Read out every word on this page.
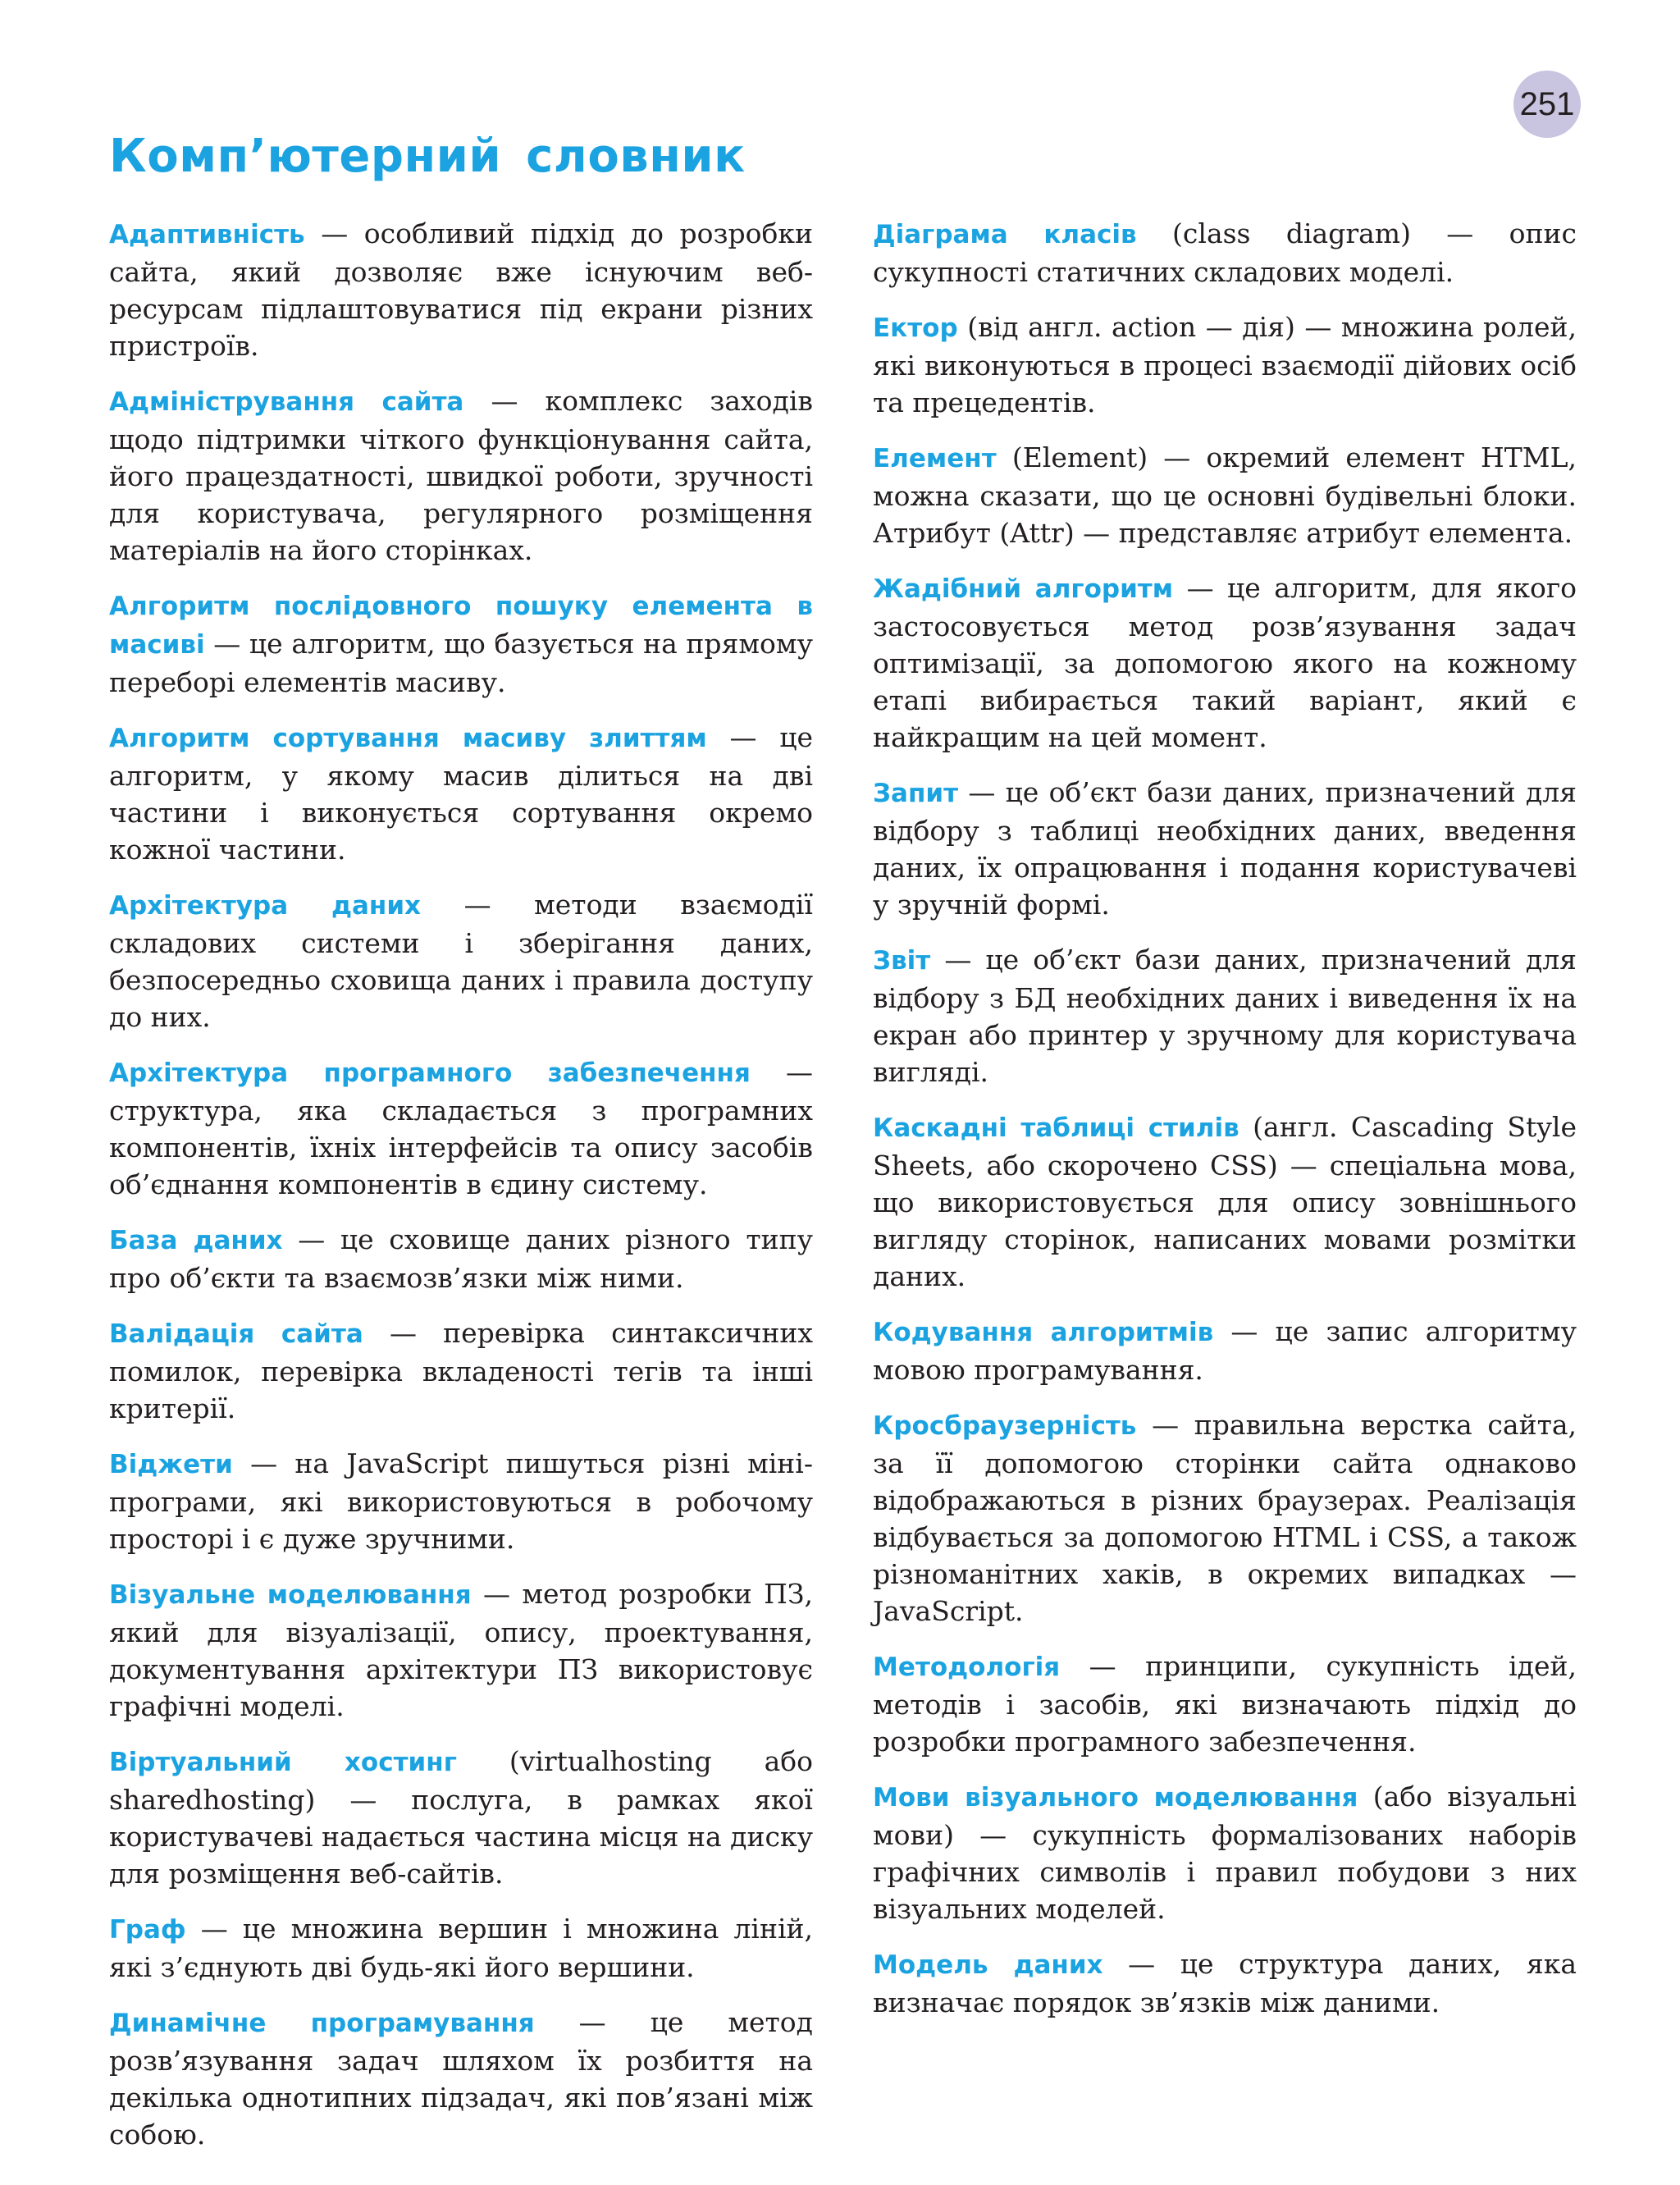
251
Комп’ютерний словник

Адаптивність — особливий підхід до розробки сайта, який дозволяє вже існуючим веб-ресурсам підлаштовуватися під екрани різних пристроїв.

Адміністрування сайта — комплекс заходів щодо підтримки чіткого функціонування сайта, його працездатності, швидкої роботи, зручності для користувача, регулярного розміщення матеріалів на його сторінках.

Алгоритм послідовного пошуку елемента в масиві — це алгоритм, що базується на прямому переборі елементів масиву.

Алгоритм сортування масиву злиттям — це алгоритм, у якому масив ділиться на дві частини і виконується сортування окремо кожної частини.

Архітектура даних — методи взаємодії складових системи і зберігання даних, безпосередньо сховища даних і правила доступу до них.

Архітектура програмного забезпечення — структура, яка складається з програмних компонентів, їхніх інтерфейсів та опису засобів об’єднання компонентів в єдину систему.

База даних — це сховище даних різного типу про об’єкти та взаємозв’язки між ними.

Валідація сайта — перевірка синтаксичних помилок, перевірка вкладеності тегів та інші критерії.

Віджети — на JavaScript пишуться різні міні-програми, які використовуються в робочому просторі і є дуже зручними.

Візуальне моделювання — метод розробки ПЗ, який для візуалізації, опису, проектування, документування архітектури ПЗ використовує графічні моделі.

Віртуальний хостинг (virtualhosting або sharedhosting) — послуга, в рамках якої користувачеві надається частина місця на диску для розміщення веб-сайтів.

Граф — це множина вершин і множина ліній, які з’єднують дві будь-які його вершини.

Динамічне програмування — це метод розв’язування задач шляхом їх розбиття на декілька однотипних підзадач, які пов’язані між собою.

Діаграма класів (class diagram) — опис сукупності статичних складових моделі.

Ектор (від англ. action — дія) — множина ролей, які виконуються в процесі взаємодії дійових осіб та прецедентів.

Елемент (Element) — окремий елемент HTML, можна сказати, що це основні будівельні блоки. Атрибут (Attr) — представляє атрибут елемента.

Жадібний алгоритм — це алгоритм, для якого застосовується метод розв’язування задач оптимізації, за допомогою якого на кожному етапі вибирається такий варіант, який є найкращим на цей момент.

Запит — це об’єкт бази даних, призначений для відбору з таблиці необхідних даних, введення даних, їх опрацювання і подання користувачеві у зручній формі.

Звіт — це об’єкт бази даних, призначений для відбору з БД необхідних даних і виведення їх на екран або принтер у зручному для користувача вигляді.

Каскадні таблиці стилів (англ. Cascading Style Sheets, або скорочено CSS) — спеціальна мова, що використовується для опису зовнішнього вигляду сторінок, написаних мовами розмітки даних.

Кодування алгоритмів — це запис алгоритму мовою програмування.

Кросбраузерність — правильна верстка сайта, за її допомогою сторінки сайта однаково відображаються в різних браузерах. Реалізація відбувається за допомогою HTML і CSS, а також різноманітних хаків, в окремих випадках — JavaScript.

Методологія — принципи, сукупність ідей, методів і засобів, які визначають підхід до розробки програмного забезпечення.

Мови візуального моделювання (або візуальні мови) — сукупність формалізованих наборів графічних символів і правил побудови з них візуальних моделей.

Модель даних — це структура даних, яка визначає порядок зв’язків між даними.
